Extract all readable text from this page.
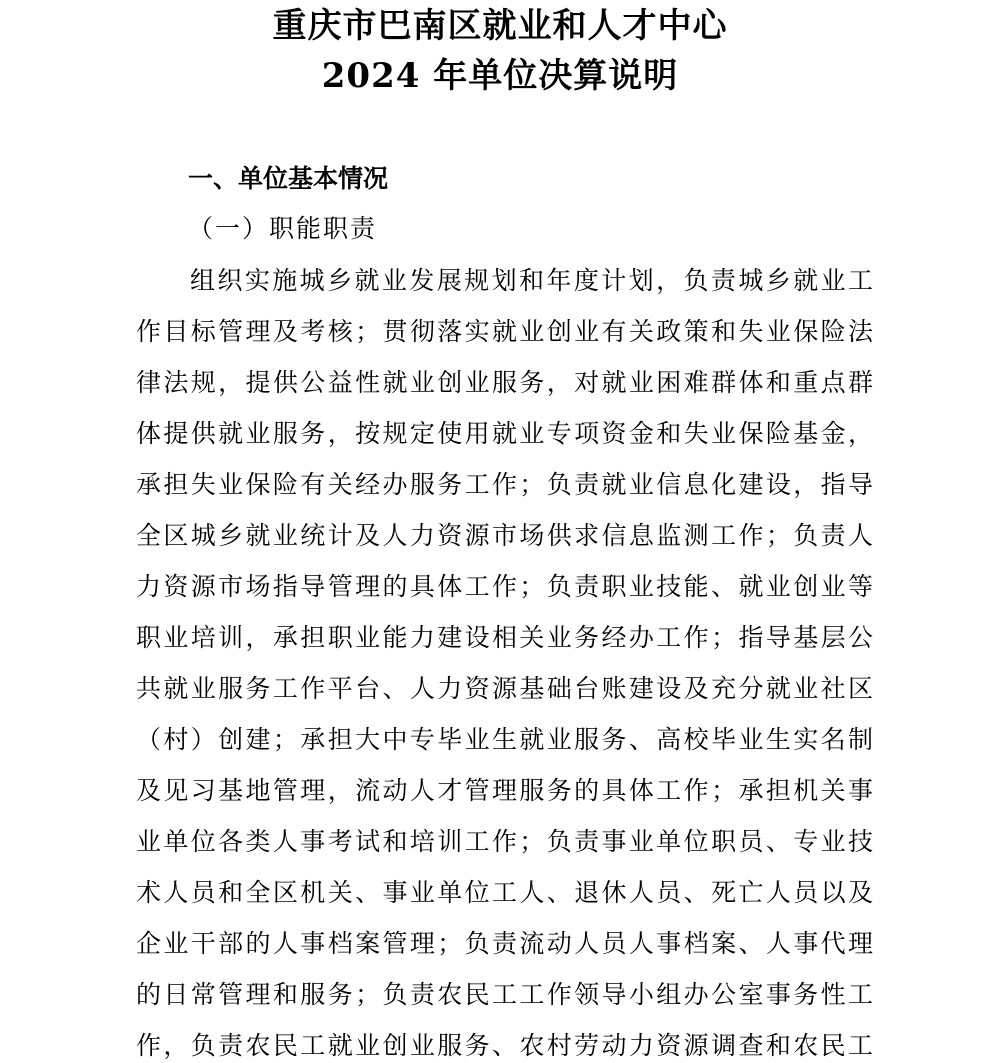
重庆市巴南区就业和人才中心
2024 年单位决算说明
一、单位基本情况
（一）职能职责
组织实施城乡就业发展规划和年度计划，负责城乡就业工
作目标管理及考核；贯彻落实就业创业有关政策和失业保险法
律法规，提供公益性就业创业服务，对就业困难群体和重点群
体提供就业服务，按规定使用就业专项资金和失业保险基金，
承担失业保险有关经办服务工作；负责就业信息化建设，指导
全区城乡就业统计及人力资源市场供求信息监测工作；负责人
力资源市场指导管理的具体工作；负责职业技能、就业创业等
职业培训，承担职业能力建设相关业务经办工作；指导基层公
共就业服务工作平台、人力资源基础台账建设及充分就业社区
（村）创建；承担大中专毕业生就业服务、高校毕业生实名制
及见习基地管理，流动人才管理服务的具体工作；承担机关事
业单位各类人事考试和培训工作；负责事业单位职员、专业技
术人员和全区机关、事业单位工人、退休人员、死亡人员以及
企业干部的人事档案管理；负责流动人员人事档案、人事代理
的日常管理和服务；负责农民工工作领导小组办公室事务性工
作，负责农民工就业创业服务、农村劳动力资源调查和农民工
